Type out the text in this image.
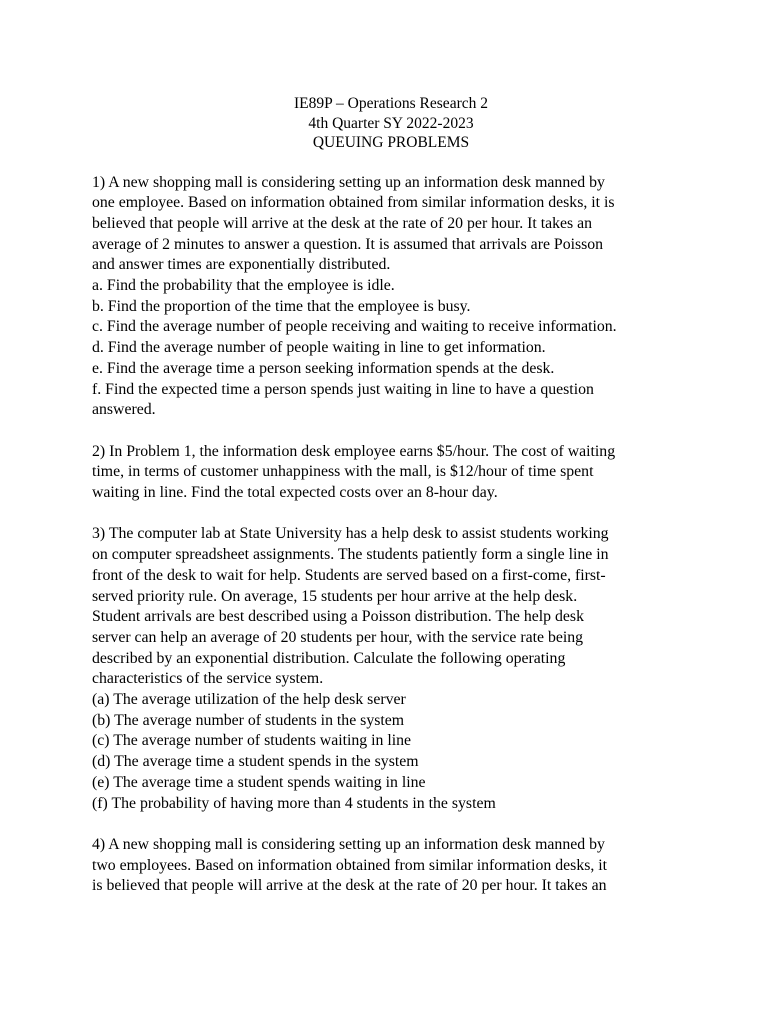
IE89P – Operations Research 2
4th Quarter SY 2022-2023
QUEUING PROBLEMS
1) A new shopping mall is considering setting up an information desk manned by
one employee. Based on information obtained from similar information desks, it is
believed that people will arrive at the desk at the rate of 20 per hour. It takes an
average of 2 minutes to answer a question. It is assumed that arrivals are Poisson
and answer times are exponentially distributed.
a. Find the probability that the employee is idle.
b. Find the proportion of the time that the employee is busy.
c. Find the average number of people receiving and waiting to receive information.
d. Find the average number of people waiting in line to get information.
e. Find the average time a person seeking information spends at the desk.
f. Find the expected time a person spends just waiting in line to have a question
answered.
2) In Problem 1, the information desk employee earns $5/hour. The cost of waiting
time, in terms of customer unhappiness with the mall, is $12/hour of time spent
waiting in line. Find the total expected costs over an 8-hour day.
3) The computer lab at State University has a help desk to assist students working
on computer spreadsheet assignments. The students patiently form a single line in
front of the desk to wait for help. Students are served based on a first-come, first-
served priority rule. On average, 15 students per hour arrive at the help desk.
Student arrivals are best described using a Poisson distribution. The help desk
server can help an average of 20 students per hour, with the service rate being
described by an exponential distribution. Calculate the following operating
characteristics of the service system.
(a) The average utilization of the help desk server
(b) The average number of students in the system
(c) The average number of students waiting in line
(d) The average time a student spends in the system
(e) The average time a student spends waiting in line
(f) The probability of having more than 4 students in the system
4) A new shopping mall is considering setting up an information desk manned by
two employees. Based on information obtained from similar information desks, it
is believed that people will arrive at the desk at the rate of 20 per hour. It takes an
